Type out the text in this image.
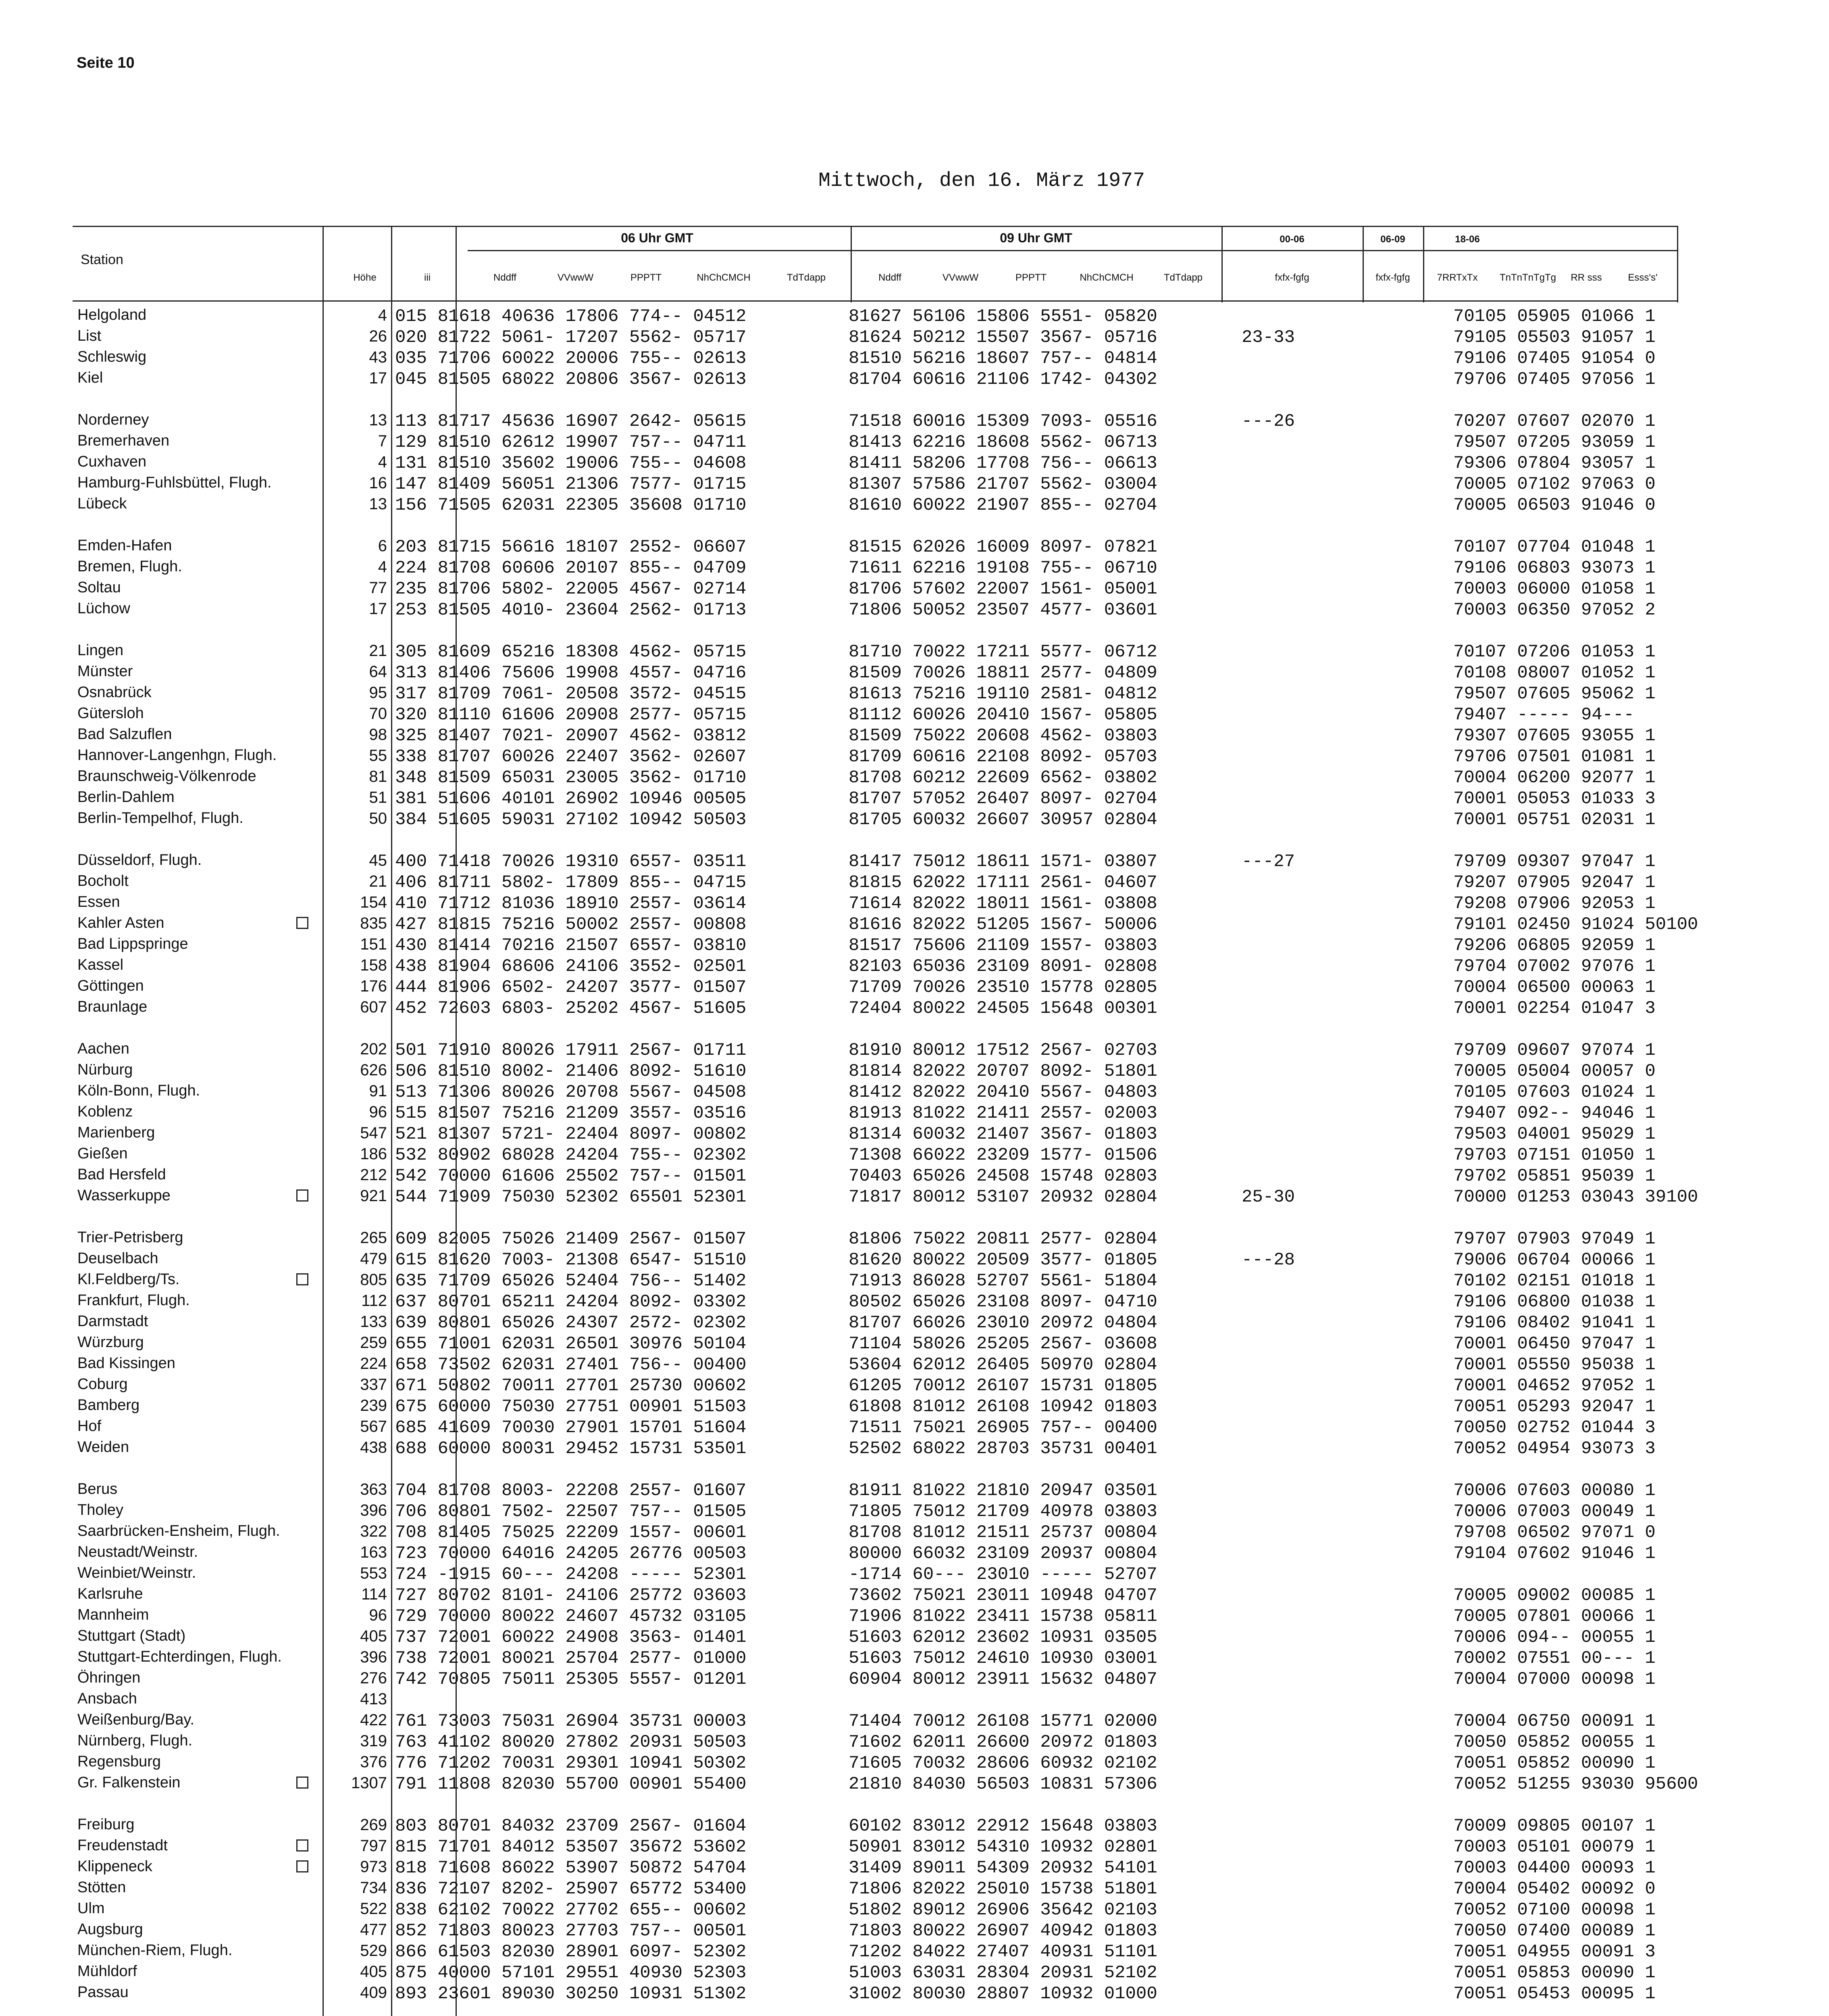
Seite 10
Mittwoch, den 16. März 1977
Station
Höhe	iii
06 Uhr GMT	09 Uhr GMT
Nddff	VVwwW	PPPTT	NhChCMCH	TdTdapp	Nddff	VVwwW	PPPTT	NhChCMCH	TdTdapp
00-06	06-09	18-06
fxfx-fgfg	fxfx-fgfg	7RRTxTx	TnTnTnTgTg	RR sss	Esss's'
Helgoland	4 015 81618 40636 17806 774-- 04512	81627 56106 15806 5551- 05820	70105 05905 01066 1
List	26 020 81722 5061- 17207 5562- 05717	81624 50212 15507 3567- 05716	23-33	79105 05503 91057 1
Schleswig	43 035 71706 60022 20006 755-- 02613	81510 56216 18607 757-- 04814	79106 07405 91054 0
Kiel	17 045 81505 68022 20806 3567- 02613	81704 60616 21106 1742- 04302	79706 07405 97056 1
Norderney	13 113 81717 45636 16907 2642- 05615	71518 60016 15309 7093- 05516	---26	70207 07607 02070 1
Bremerhaven	7 129 81510 62612 19907 757-- 04711	81413 62216 18608 5562- 06713	79507 07205 93059 1
Cuxhaven	4 131 81510 35602 19006 755-- 04608	81411 58206 17708 756-- 06613	79306 07804 93057 1
Hamburg-Fuhlsbüttel, Flugh.	16 147 81409 56051 21306 7577- 01715	81307 57586 21707 5562- 03004	70005 07102 97063 0
Lübeck	13 156 71505 62031 22305 35608 01710	81610 60022 21907 855-- 02704	70005 06503 91046 0
Emden-Hafen	6 203 81715 56616 18107 2552- 06607	81515 62026 16009 8097- 07821	70107 07704 01048 1
Bremen, Flugh.	4 224 81708 60606 20107 855-- 04709	71611 62216 19108 755-- 06710	79106 06803 93073 1
Soltau	77 235 81706 5802- 22005 4567- 02714	81706 57602 22007 1561- 05001	70003 06000 01058 1
Lüchow	17 253 81505 4010- 23604 2562- 01713	71806 50052 23507 4577- 03601	70003 06350 97052 2
Lingen	21 305 81609 65216 18308 4562- 05715	81710 70022 17211 5577- 06712	70107 07206 01053 1
Münster	64 313 81406 75606 19908 4557- 04716	81509 70026 18811 2577- 04809	70108 08007 01052 1
Osnabrück	95 317 81709 7061- 20508 3572- 04515	81613 75216 19110 2581- 04812	79507 07605 95062 1
Gütersloh	70 320 81110 61606 20908 2577- 05715	81112 60026 20410 1567- 05805	79407 ----- 94---
Bad Salzuflen	98 325 81407 7021- 20907 4562- 03812	81509 75022 20608 4562- 03803	79307 07605 93055 1
Hannover-Langenhgn, Flugh.	55 338 81707 60026 22407 3562- 02607	81709 60616 22108 8092- 05703	79706 07501 01081 1
Braunschweig-Völkenrode	81 348 81509 65031 23005 3562- 01710	81708 60212 22609 6562- 03802	70004 06200 92077 1
Berlin-Dahlem	51 381 51606 40101 26902 10946 00505	81707 57052 26407 8097- 02704	70001 05053 01033 3
Berlin-Tempelhof, Flugh.	50 384 51605 59031 27102 10942 50503	81705 60032 26607 30957 02804	70001 05751 02031 1
Düsseldorf, Flugh.	45 400 71418 70026 19310 6557- 03511	81417 75012 18611 1571- 03807	---27	79709 09307 97047 1
Bocholt	21 406 81711 5802- 17809 855-- 04715	81815 62022 17111 2561- 04607	79207 07905 92047 1
Essen	154 410 71712 81036 18910 2557- 03614	71614 82022 18011 1561- 03808	79208 07906 92053 1
Kahler Asten	835 427 81815 75216 50002 2557- 00808	81616 82022 51205 1567- 50006	79101 02450 91024 50100
Bad Lippspringe	151 430 81414 70216 21507 6557- 03810	81517 75606 21109 1557- 03803	79206 06805 92059 1
Kassel	158 438 81904 68606 24106 3552- 02501	82103 65036 23109 8091- 02808	79704 07002 97076 1
Göttingen	176 444 81906 6502- 24207 3577- 01507	71709 70026 23510 15778 02805	70004 06500 00063 1
Braunlage	607 452 72603 6803- 25202 4567- 51605	72404 80022 24505 15648 00301	70001 02254 01047 3
Aachen	202 501 71910 80026 17911 2567- 01711	81910 80012 17512 2567- 02703	79709 09607 97074 1
Nürburg	626 506 81510 8002- 21406 8092- 51610	81814 82022 20707 8092- 51801	70005 05004 00057 0
Köln-Bonn, Flugh.	91 513 71306 80026 20708 5567- 04508	81412 82022 20410 5567- 04803	70105 07603 01024 1
Koblenz	96 515 81507 75216 21209 3557- 03516	81913 81022 21411 2557- 02003	79407 092-- 94046 1
Marienberg	547 521 81307 5721- 22404 8097- 00802	81314 60032 21407 3567- 01803	79503 04001 95029 1
Gießen	186 532 80902 68028 24204 755-- 02302	71308 66022 23209 1577- 01506	79703 07151 01050 1
Bad Hersfeld	212 542 70000 61606 25502 757-- 01501	70403 65026 24508 15748 02803	79702 05851 95039 1
Wasserkuppe	921 544 71909 75030 52302 65501 52301	71817 80012 53107 20932 02804	25-30	70000 01253 03043 39100
Trier-Petrisberg	265 609 82005 75026 21409 2567- 01507	81806 75022 20811 2577- 02804	79707 07903 97049 1
Deuselbach	479 615 81620 7003- 21308 6547- 51510	81620 80022 20509 3577- 01805	---28	79006 06704 00066 1
Kl.Feldberg/Ts.	805 635 71709 65026 52404 756-- 51402	71913 86028 52707 5561- 51804	70102 02151 01018 1
Frankfurt, Flugh.	112 637 80701 65211 24204 8092- 03302	80502 65026 23108 8097- 04710	79106 06800 01038 1
Darmstadt	133 639 80801 65026 24307 2572- 02302	81707 66026 23010 20972 04804	79106 08402 91041 1
Würzburg	259 655 71001 62031 26501 30976 50104	71104 58026 25205 2567- 03608	70001 06450 97047 1
Bad Kissingen	224 658 73502 62031 27401 756-- 00400	53604 62012 26405 50970 02804	70001 05550 95038 1
Coburg	337 671 50802 70011 27701 25730 00602	61205 70012 26107 15731 01805	70001 04652 97052 1
Bamberg	239 675 60000 75030 27751 00901 51503	61808 81012 26108 10942 01803	70051 05293 92047 1
Hof	567 685 41609 70030 27901 15701 51604	71511 75021 26905 757-- 00400	70050 02752 01044 3
Weiden	438 688 60000 80031 29452 15731 53501	52502 68022 28703 35731 00401	70052 04954 93073 3
Berus	363 704 81708 8003- 22208 2557- 01607	81911 81022 21810 20947 03501	70006 07603 00080 1
Tholey	396 706 80801 7502- 22507 757-- 01505	71805 75012 21709 40978 03803	70006 07003 00049 1
Saarbrücken-Ensheim, Flugh.	322 708 81405 75025 22209 1557- 00601	81708 81012 21511 25737 00804	79708 06502 97071 0
Neustadt/Weinstr.	163 723 70000 64016 24205 26776 00503	80000 66032 23109 20937 00804	79104 07602 91046 1
Weinbiet/Weinstr.	553 724 -1915 60--- 24208 ----- 52301	-1714 60--- 23010 ----- 52707
Karlsruhe	114 727 80702 8101- 24106 25772 03603	73602 75021 23011 10948 04707	70005 09002 00085 1
Mannheim	96 729 70000 80022 24607 45732 03105	71906 81022 23411 15738 05811	70005 07801 00066 1
Stuttgart (Stadt)	405 737 72001 60022 24908 3563- 01401	51603 62012 23602 10931 03505	70006 094-- 00055 1
Stuttgart-Echterdingen, Flugh.	396 738 72001 80021 25704 2577- 01000	51603 75012 24610 10930 03001	70002 07551 00--- 1
Öhringen	276 742 70805 75011 25305 5557- 01201	60904 80012 23911 15632 04807	70004 07000 00098 1
Ansbach	413
Weißenburg/Bay.	422 761 73003 75031 26904 35731 00003	71404 70012 26108 15771 02000	70004 06750 00091 1
Nürnberg, Flugh.	319 763 41102 80020 27802 20931 50503	71602 62011 26600 20972 01803	70050 05852 00055 1
Regensburg	376 776 71202 70031 29301 10941 50302	71605 70032 28606 60932 02102	70051 05852 00090 1
Gr. Falkenstein	1307 791 11808 82030 55700 00901 55400	21810 84030 56503 10831 57306	70052 51255 93030 95600
Freiburg	269 803 80701 84032 23709 2567- 01604	60102 83012 22912 15648 03803	70009 09805 00107 1
Freudenstadt	797 815 71701 84012 53507 35672 53602	50901 83012 54310 10932 02801	70003 05101 00079 1
Klippeneck	973 818 71608 86022 53907 50872 54704	31409 89011 54309 20932 54101	70003 04400 00093 1
Stötten	734 836 72107 8202- 25907 65772 53400	71806 82022 25010 15738 51801	70004 05402 00092 0
Ulm	522 838 62102 70022 27702 655-- 00602	51802 89012 26906 35642 02103	70052 07100 00098 1
Augsburg	477 852 71803 80023 27703 757-- 00501	71803 80022 26907 40942 01803	70050 07400 00089 1
München-Riem, Flugh.	529 866 61503 82030 28901 6097- 52302	71202 84022 27407 40931 51101	70051 04955 00091 3
Mühldorf	405 875 40000 57101 29551 40930 52303	51003 63031 28304 20931 52102	70051 05853 00090 1
Passau	409 893 23601 89030 30250 10931 51302	31002 80030 28807 10932 01000	70051 05453 00095 1
